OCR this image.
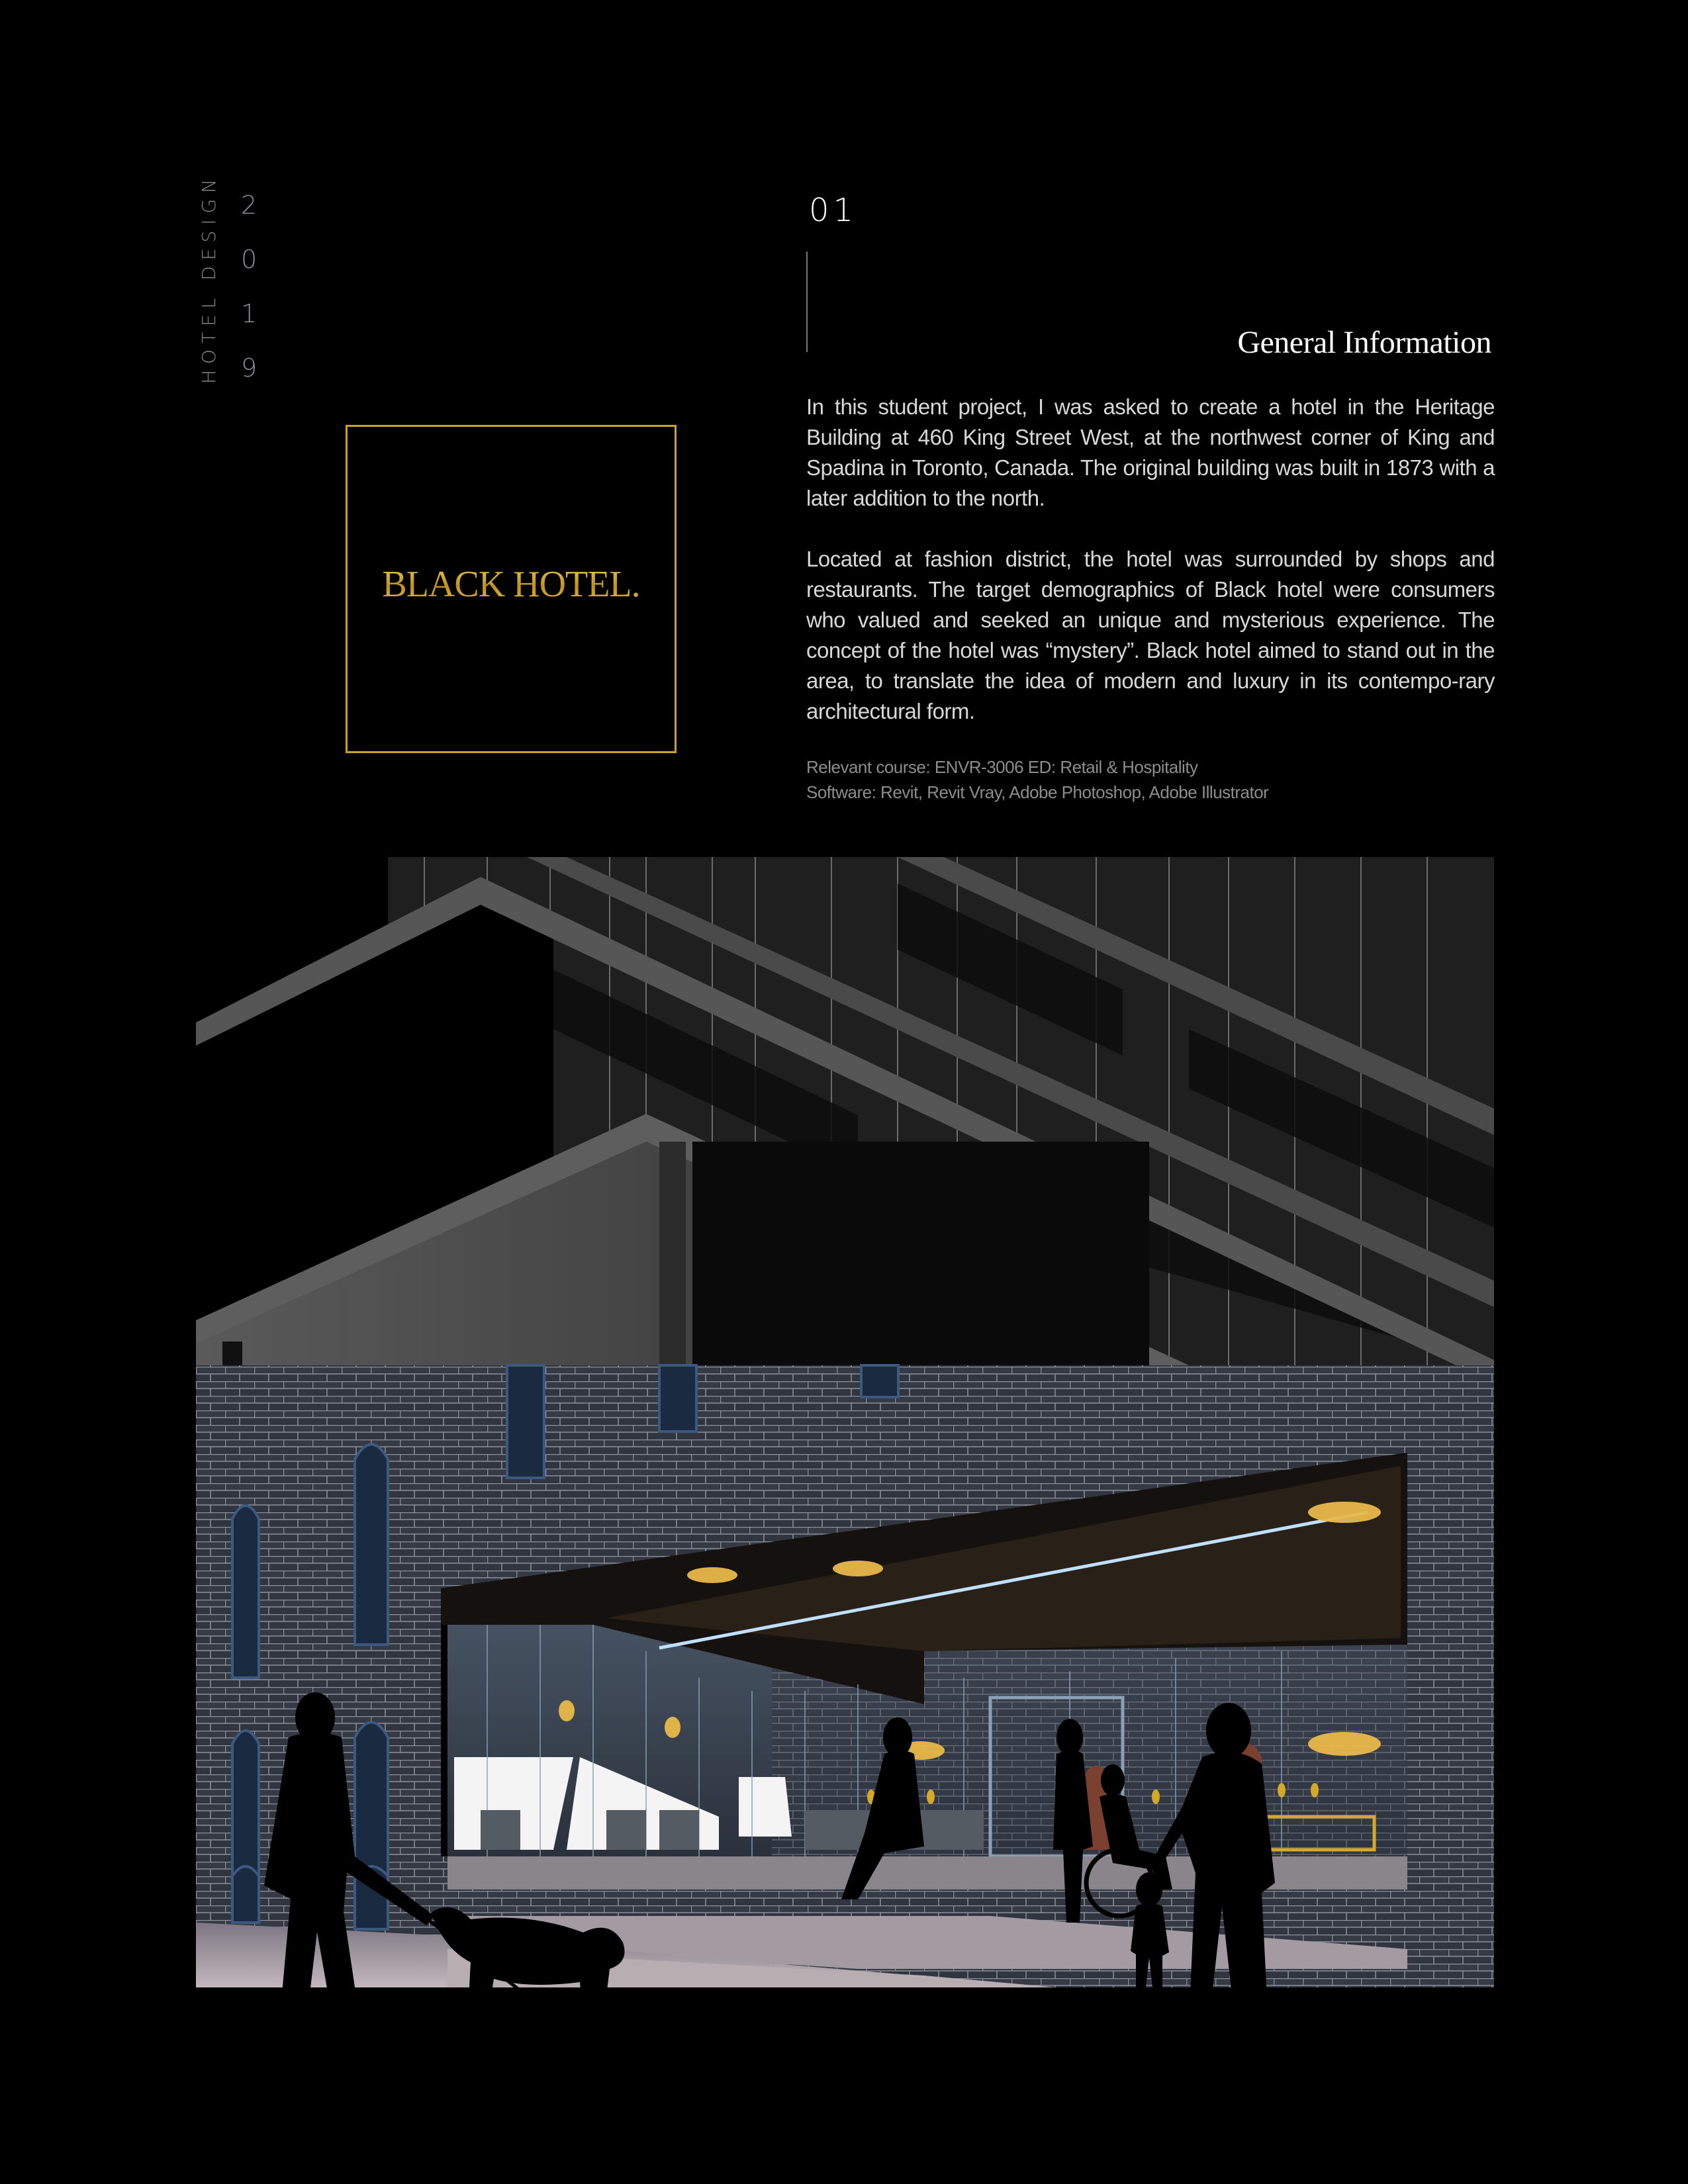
HOTEL DESIGN 2
0
1
9
BLACK HOTEL.
01
General Information

In this student project, I was asked to create a hotel in the Heritage Building at 460 King Street West, at the northwest corner of King and Spadina in Toronto, Canada. The original building was built in 1873 with a later addition to the north.

Located at fashion district, the hotel was surrounded by shops and restaurants. The target demographics of Black hotel were consumers who valued and seeked an unique and mysterious experience. The concept of the hotel was “mystery”. Black hotel aimed to stand out in the area, to translate the idea of modern and luxury in its contempo-rary architectural form.

Relevant course: ENVR-3006 ED: Retail & Hospitality
Software: Revit, Revit Vray, Adobe Photoshop, Adobe Illustrator
